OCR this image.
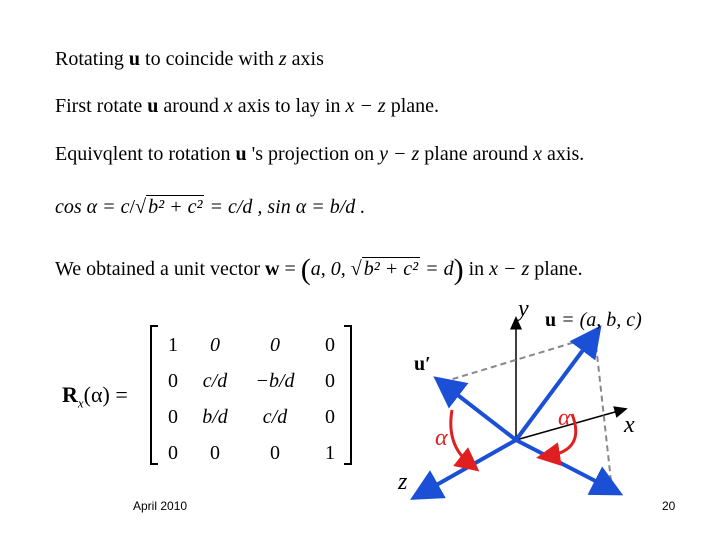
Rotating u to coincide with z axis
First rotate u around x axis to lay in x − z plane.
Equivqlent to rotation u 's projection on y − z plane around x axis.
cos α = c/√ b² + c² = c/d , sin α = b/d .
We obtained a unit vector w = (a, 0, √ b² + c² = d) in x − z plane.
$R_x(\alpha)$ =
1	0	0	0
0	c/d	−b/d	0
0	b/d	c/d	0
0	0	0	1
y
x
z
u = (a, b, c)
u′
α
α
April 2010	20
